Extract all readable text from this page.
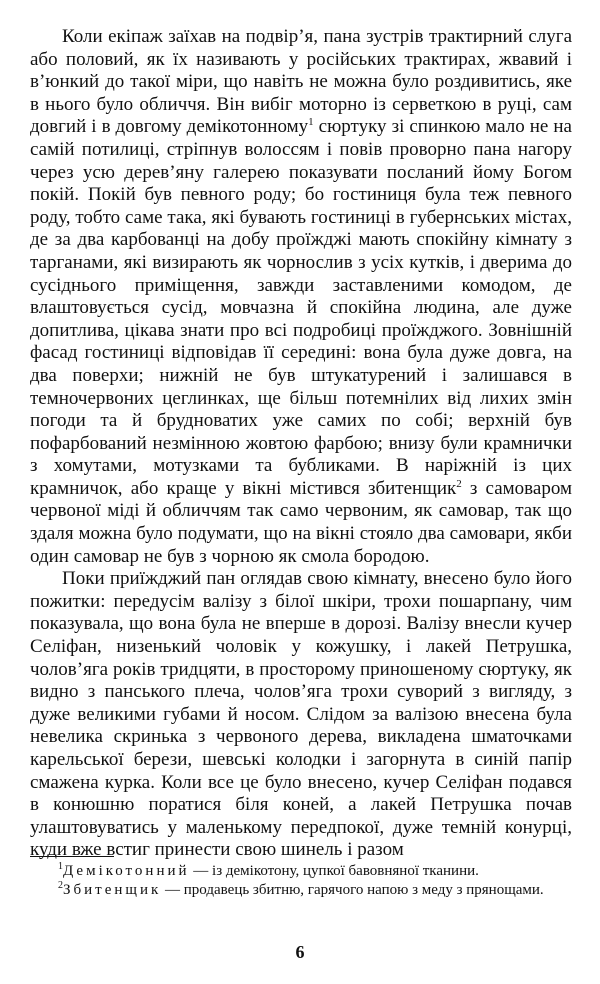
Коли екіпаж заїхав на подвір’я, пана зустрів трактирний слуга або половий, як їх називають у російських трактирах, жвавий і в’юнкий до такої міри, що навіть не можна було роздивитись, яке в нього було обличчя. Він вибіг моторно із серветкою в руці, сам довгий і в довгому демікотонному$^1$ сюртуку зі спинкою мало не на самій потилиці, стріпнув волоссям і повів проворно пана нагору через усю дерев’яну галерею показувати посланий йому Богом покій. Покій був певного роду; бо гостиниця була теж певного роду, тобто саме така, які бувають гостиниці в губернських містах, де за два карбованці на добу проїжджі мають спокійну кімнату з тарганами, які визирають як чорнослив з усіх кутків, і дверима до сусіднього приміщення, завжди заставленими комодом, де влаштовується сусід, мовчазна й спокійна людина, але дуже допитлива, цікава знати про всі подробиці проїжджого. Зовнішній фасад гостиниці відповідав її середині: вона була дуже довга, на два поверхи; нижній не був штукатурений і залишався в темночервоних цеглинках, ще більш потемнілих від лихих змін погоди та й брудноватих уже самих по собі; верхній був пофарбований незмінною жовтою фарбою; внизу були крамнички з хомутами, мотузками та бубликами. В наріжній із цих крамничок, або краще у вікні містився збитенщик$^2$ з самоваром червоної міді й обличчям так само червоним, як самовар, так що здаля можна було подумати, що на вікні стояло два самовари, якби один самовар не був з чорною як смола бородою.

Поки приїжджий пан оглядав свою кімнату, внесено було його пожитки: передусім валізу з білої шкіри, трохи пошарпану, чим показувала, що вона була не вперше в дорозі. Валізу внесли кучер Селіфан, низенький чоловік у кожушку, і лакей Петрушка, чолов’яга років тридцяти, в просторому приношеному сюртуку, як видно з панського плеча, чолов’яга трохи суворий з вигляду, з дуже великими губами й носом. Слідом за валізою внесена була невелика скринька з червоного дерева, викладена шматочками карельської берези, шевські колодки і загорнута в синій папір смажена курка. Коли все це було внесено, кучер Селіфан подався в конюшню поратися біля коней, а лакей Петрушка почав улаштовуватись у маленькому передпокої, дуже темній конурці, куди вже встиг принести свою шинель і разом

$^1$Демікотонний — із демікотону, цупкої бавовняної тканини.

$^2$Збитенщик — продавець збитню, гарячого напою з меду з прянощами.

6
